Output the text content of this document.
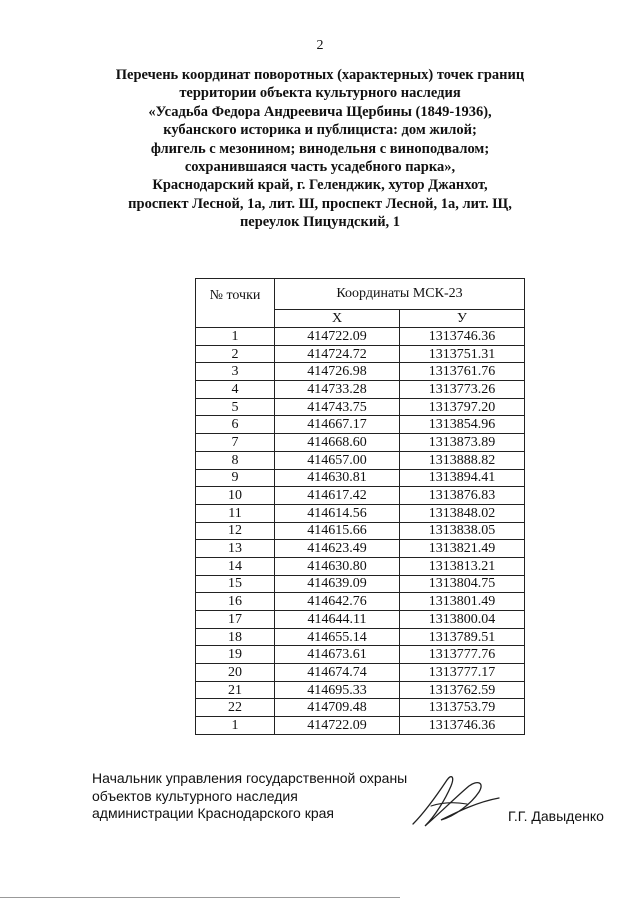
2
Перечень координат поворотных (характерных) точек границ
территории объекта культурного наследия
«Усадьба Федора Андреевича Щербины (1849-1936),
кубанского историка и публициста: дом жилой;
флигель с мезонином; винодельня с виноподвалом;
сохранившаяся часть усадебного парка»,
Краснодарский край, г. Геленджик, хутор Джанхот,
проспект Лесной, 1а, лит. Ш, проспект Лесной, 1а, лит. Щ,
переулок Пицундский, 1
№ точки	Координаты МСК-23	
	X	У
1	414722.09	1313746.36
2	414724.72	1313751.31
3	414726.98	1313761.76
4	414733.28	1313773.26
5	414743.75	1313797.20
6	414667.17	1313854.96
7	414668.60	1313873.89
8	414657.00	1313888.82
9	414630.81	1313894.41
10	414617.42	1313876.83
11	414614.56	1313848.02
12	414615.66	1313838.05
13	414623.49	1313821.49
14	414630.80	1313813.21
15	414639.09	1313804.75
16	414642.76	1313801.49
17	414644.11	1313800.04
18	414655.14	1313789.51
19	414673.61	1313777.76
20	414674.74	1313777.17
21	414695.33	1313762.59
22	414709.48	1313753.79
1	414722.09	1313746.36
Начальник управления государственной охраны
объектов культурного наследия
администрации Краснодарского края	Г.Г. Давыденко
